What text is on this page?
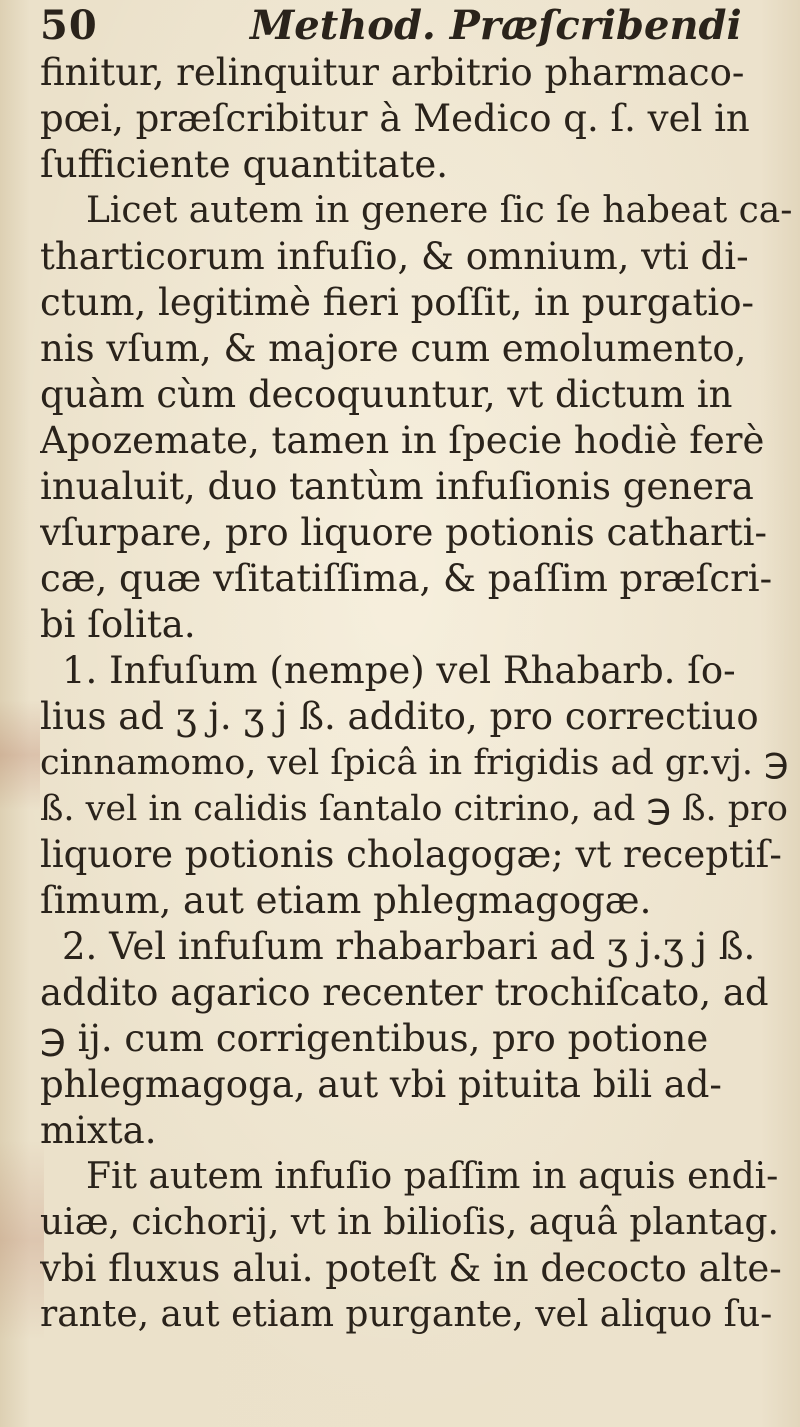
50	Method. Præſcribendi
finitur, relinquitur arbitrio pharmaco-
pœi, præſcribitur à Medico q. ſ. vel in
ſufficiente quantitate.
Licet autem in genere ſic ſe habeat ca-
tharticorum infuſio, & omnium, vti di-
ctum, legitimè fieri poſſit, in purgatio-
nis vſum, & majore cum emolumento,
quàm cùm decoquuntur, vt dictum in
Apozemate, tamen in ſpecie hodiè ferè
inualuit, duo tantùm infuſionis genera
vſurpare, pro liquore potionis catharti-
cæ, quæ vſitatiſſima, & paſſim præſcri-
bi ſolita.
1. Infuſum (nempe) vel Rhabarb. ſo-
lius ad ʒ j. ʒ j ß. addito, pro correctiuo
cinnamomo, vel ſpicâ in frigidis ad gr.vj. ℈
ß. vel in calidis ſantalo citrino, ad ℈ ß. pro
liquore potionis cholagogæ; vt receptiſ-
ſimum, aut etiam phlegmagogæ.
2. Vel infuſum rhabarbari ad ʒ j.ʒ j ß.
addito agarico recenter trochiſcato, ad
℈ ij. cum corrigentibus, pro potione
phlegmagoga, aut vbi pituita bili ad-
mixta.
Fit autem infuſio paſſim in aquis endi-
uiæ, cichorij, vt in bilioſis, aquâ plantag.
vbi fluxus alui. poteſt & in decocto alte-
rante, aut etiam purgante, vel aliquo ſu-
